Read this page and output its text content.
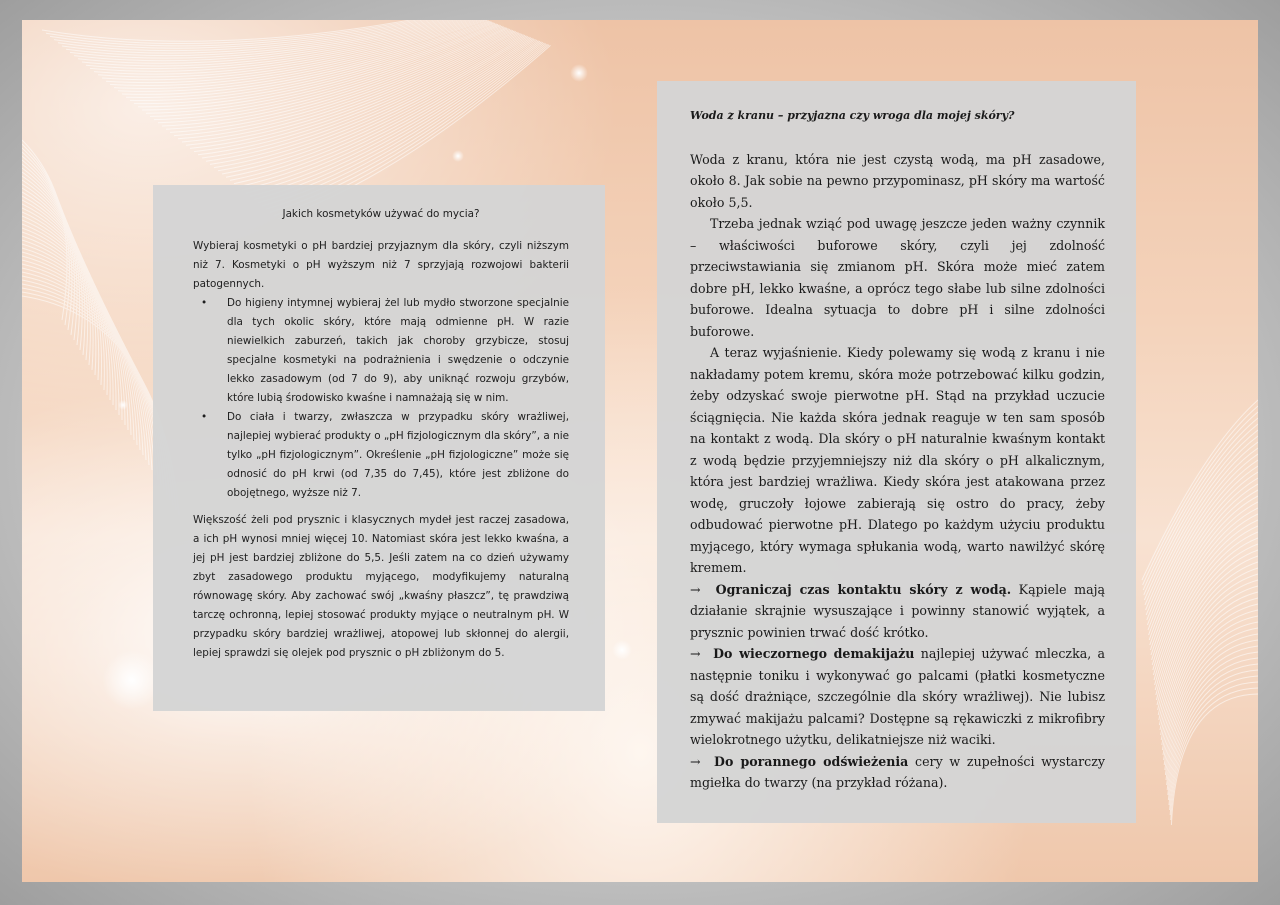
Jakich kosmetyków używać do mycia?

Wybieraj kosmetyki o pH bardziej przyjaznym dla skóry, czyli niższym niż 7. Kosmetyki o pH wyższym niż 7 sprzyjają rozwojowi bakterii patogennych.

• Do higieny intymnej wybieraj żel lub mydło stworzone specjalnie dla tych okolic skóry, które mają odmienne pH. W razie niewielkich zaburzeń, takich jak choroby grzybicze, stosuj specjalne kosmetyki na podrażnienia i swędzenie o odczynie lekko zasadowym (od 7 do 9), aby uniknąć rozwoju grzybów, które lubią środowisko kwaśne i namnażają się w nim.
• Do ciała i twarzy, zwłaszcza w przypadku skóry wrażliwej, najlepiej wybierać produkty o „pH fizjologicznym dla skóry”, a nie tylko „pH fizjologicznym”. Określenie „pH fizjologiczne” może się odnosić do pH krwi (od 7,35 do 7,45), które jest zbliżone do obojętnego, wyższe niż 7.

Większość żeli pod prysznic i klasycznych mydeł jest raczej zasadowa, a ich pH wynosi mniej więcej 10. Natomiast skóra jest lekko kwaśna, a jej pH jest bardziej zbliżone do 5,5. Jeśli zatem na co dzień używamy zbyt zasadowego produktu myjącego, modyfikujemy naturalną równowagę skóry. Aby zachować swój „kwaśny płaszcz”, tę prawdziwą tarczę ochronną, lepiej stosować produkty myjące o neutralnym pH. W przypadku skóry bardziej wrażliwej, atopowej lub skłonnej do alergii, lepiej sprawdzi się olejek pod prysznic o pH zbliżonym do 5.

Woda z kranu – przyjazna czy wroga dla mojej skóry?

Woda z kranu, która nie jest czystą wodą, ma pH zasadowe, około 8. Jak sobie na pewno przypominasz, pH skóry ma wartość około 5,5.

Trzeba jednak wziąć pod uwagę jeszcze jeden ważny czynnik – właściwości buforowe skóry, czyli jej zdolność przeciwstawiania się zmianom pH. Skóra może mieć zatem dobre pH, lekko kwaśne, a oprócz tego słabe lub silne zdolności buforowe. Idealna sytuacja to dobre pH i silne zdolności buforowe.

A teraz wyjaśnienie. Kiedy polewamy się wodą z kranu i nie nakładamy potem kremu, skóra może potrzebować kilku godzin, żeby odzyskać swoje pierwotne pH. Stąd na przykład uczucie ściągnięcia. Nie każda skóra jednak reaguje w ten sam sposób na kontakt z wodą. Dla skóry o pH naturalnie kwaśnym kontakt z wodą będzie przyjemniejszy niż dla skóry o pH alkalicznym, która jest bardziej wrażliwa. Kiedy skóra jest atakowana przez wodę, gruczoły łojowe zabierają się ostro do pracy, żeby odbudować pierwotne pH. Dlatego po każdym użyciu produktu myjącego, który wymaga spłukania wodą, warto nawilżyć skórę kremem.

→ Ograniczaj czas kontaktu skóry z wodą. Kąpiele mają działanie skrajnie wysuszające i powinny stanowić wyjątek, a prysznic powinien trwać dość krótko.

→ Do wieczornego demakijażu najlepiej używać mleczka, a następnie toniku i wykonywać go palcami (płatki kosmetyczne są dość drażniące, szczególnie dla skóry wrażliwej). Nie lubisz zmywać makijażu palcami? Dostępne są rękawiczki z mikrofibry wielokrotnego użytku, delikatniejsze niż waciki.

→ Do porannego odświeżenia cery w zupełności wystarczy mgiełka do twarzy (na przykład różana).
